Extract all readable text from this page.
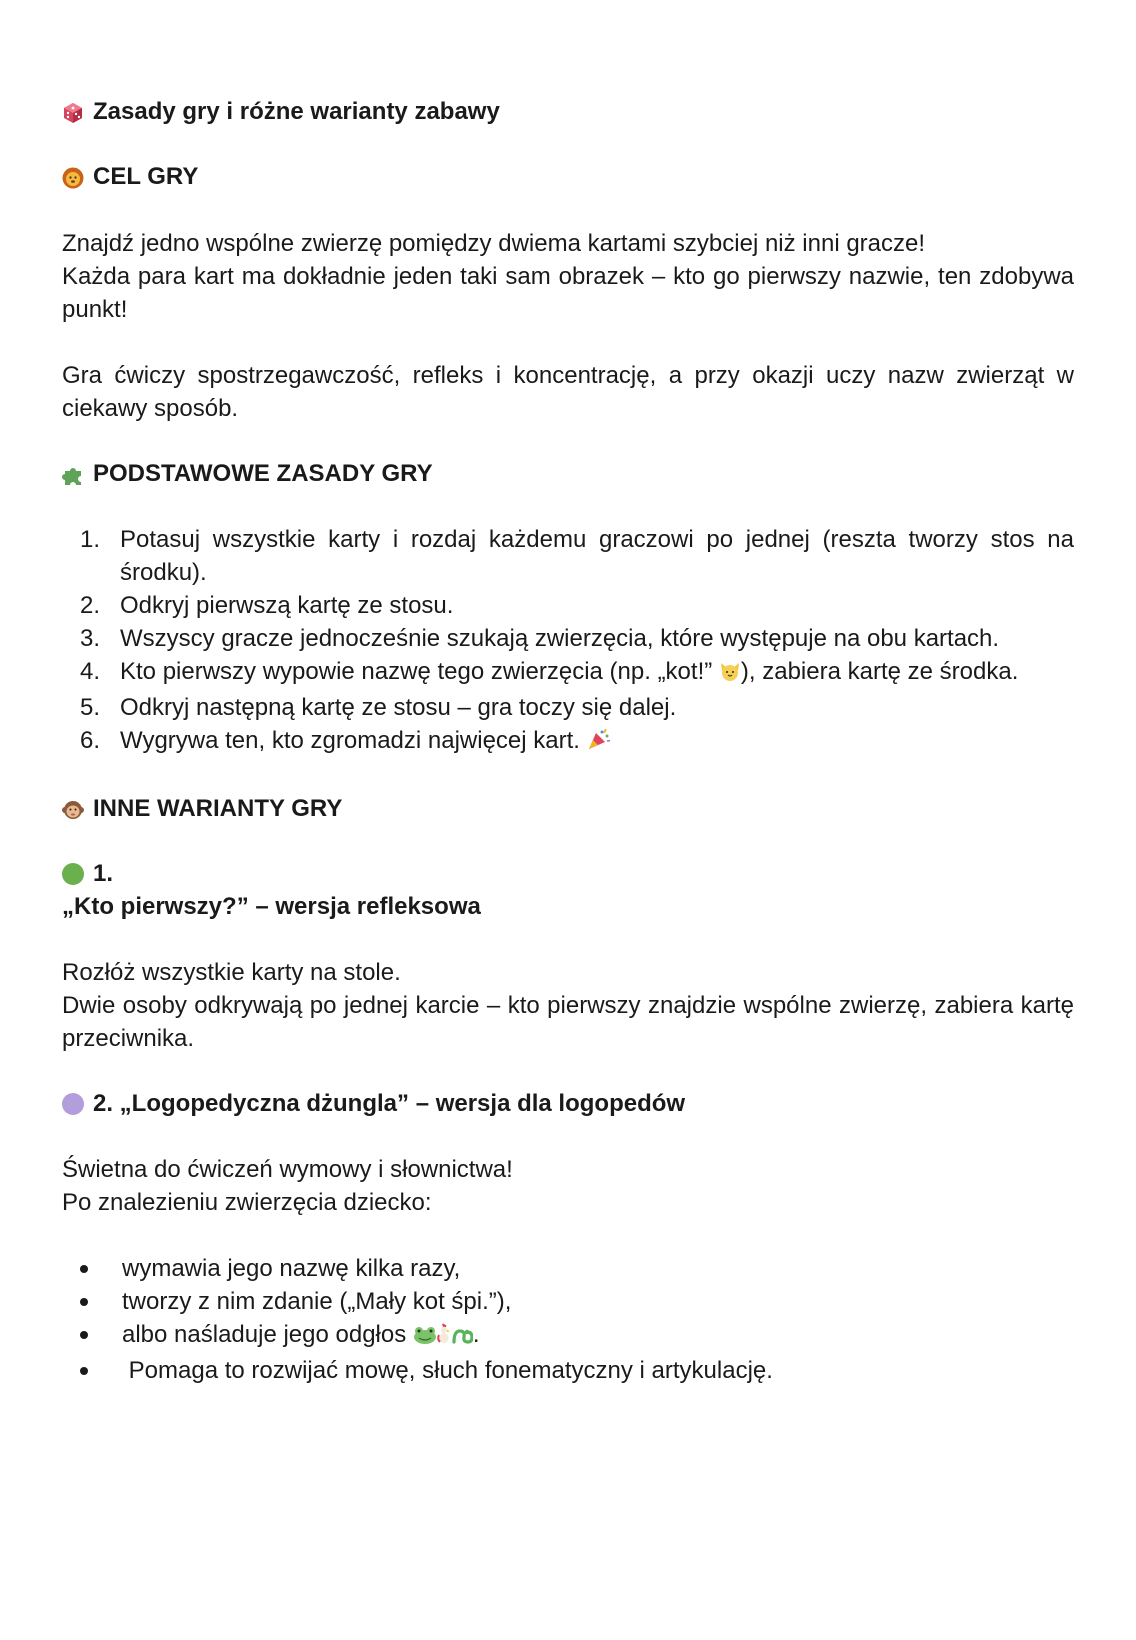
Zasady gry i różne warianty zabawy
CEL GRY

Znajdź jedno wspólne zwierzę pomiędzy dwiema kartami szybciej niż inni gracze!

Każda para kart ma dokładnie jeden taki sam obrazek – kto go pierwszy nazwie, ten zdobywa punkt!

Gra ćwiczy spostrzegawczość, refleks i koncentrację, a przy okazji uczy nazw zwierząt w ciekawy sposób.

PODSTAWOWE ZASADY GRY
1. Potasuj wszystkie karty i rozdaj każdemu graczowi po jednej (reszta tworzy stos na środku).
2. Odkryj pierwszą kartę ze stosu.
3. Wszyscy gracze jednocześnie szukają zwierzęcia, które występuje na obu kartach.
4. Kto pierwszy wypowie nazwę tego zwierzęcia (np. „kot!” ), zabiera kartę ze środka.
5. Odkryj następną kartę ze stosu – gra toczy się dalej.
6. Wygrywa ten, kto zgromadzi najwięcej kart.
INNE WARIANTY GRY
1.
„Kto pierwszy?” – wersja refleksowa

Rozłóż wszystkie karty na stole.

Dwie osoby odkrywają po jednej karcie – kto pierwszy znajdzie wspólne zwierzę, zabiera kartę przeciwnika.

2. „Logopedyczna dżungla” – wersja dla logopedów

Świetna do ćwiczeń wymowy i słownictwa!

Po znalezieniu zwierzęcia dziecko:

wymawia jego nazwę kilka razy,
tworzy z nim zdanie („Mały kot śpi.”),
albo naśladuje jego odgłos	.
Pomaga to rozwijać mowę, słuch fonematyczny i artykulację.
